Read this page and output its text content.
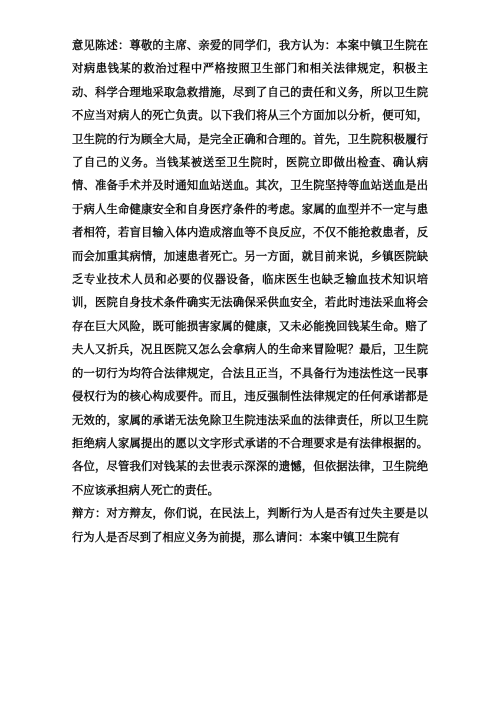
意见陈述：尊敬的主席、亲爱的同学们，我方认为：本案中镇卫生院在对病患钱某的救治过程中严格按照卫生部门和相关法律规定，积极主动、科学合理地采取急救措施，尽到了自己的责任和义务，所以卫生院不应当对病人的死亡负责。以下我们将从三个方面加以分析，便可知，卫生院的行为顾全大局，是完全正确和合理的。首先，卫生院积极履行了自己的义务。当钱某被送至卫生院时，医院立即做出检查、确认病情、准备手术并及时通知血站送血。其次，卫生院坚持等血站送血是出于病人生命健康安全和自身医疗条件的考虑。家属的血型并不一定与患者相符，若盲目输入体内造成溶血等不良反应，不仅不能抢救患者，反而会加重其病情，加速患者死亡。另一方面，就目前来说，乡镇医院缺乏专业技术人员和必要的仪器设备，临床医生也缺乏输血技术知识培训，医院自身技术条件确实无法确保采供血安全，若此时违法采血将会存在巨大风险，既可能损害家属的健康，又未必能挽回钱某生命。赔了夫人又折兵，况且医院又怎么会拿病人的生命来冒险呢？最后，卫生院的一切行为均符合法律规定，合法且正当，不具备行为违法性这一民事侵权行为的核心构成要件。而且，违反强制性法律规定的任何承诺都是无效的，家属的承诺无法免除卫生院违法采血的法律责任，所以卫生院拒绝病人家属提出的愿以文字形式承诺的不合理要求是有法律根据的。各位，尽管我们对钱某的去世表示深深的遗憾，但依据法律，卫生院绝不应该承担病人死亡的责任。

辩方：对方辩友，你们说，在民法上，判断行为人是否有过失主要是以行为人是否尽到了相应义务为前提，那么请问：本案中镇卫生院有
